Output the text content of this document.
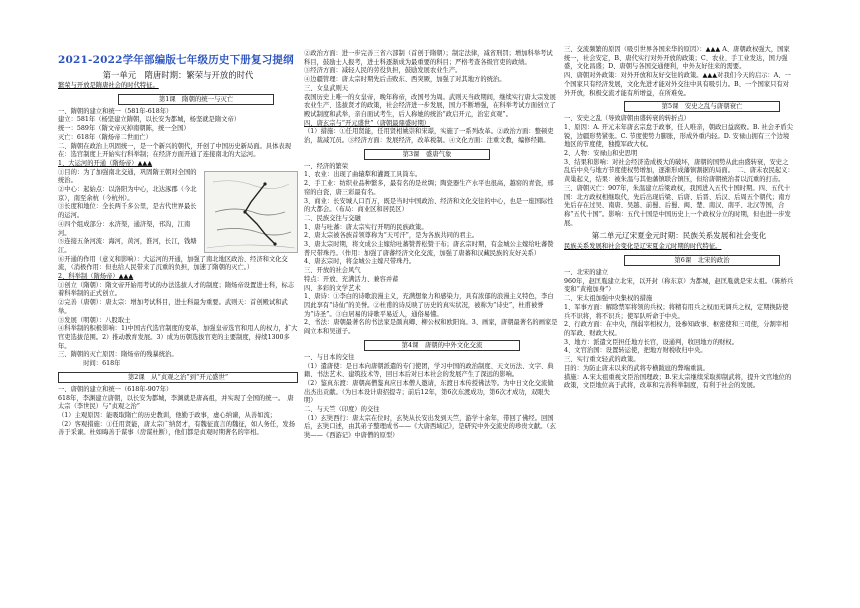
2021-2022学年部编版七年级历史下册复习提纲
第一单元　隋唐时期：繁荣与开放的时代

繁荣与开放是隋唐社会的时代特征。

第1课　隋朝的统一与灭亡

一、隋朝的建立和统一（581年-618年）

建立：581年（杨坚建立隋朝，以长安为都城，杨坚就是隋文帝）

统一：589年（隋文帝灭掉南朝陈，统一全国）

灭亡：618年（隋炀帝二世而亡）

二、隋朝在政治上巩固统一，是一个新兴的朝代，开创了中国历史新局面。具体表现在：选官制度上开始实行科举制；在经济方面开通了连接南北的大运河。

1、大运河的开通（隋炀帝）▲▲▲

①目的：为了加强南北交通，巩固隋王朝对全国的统治。

②中心：起始点：以洛阳为中心，北达涿郡（今北京），南至余杭（今杭州）。

③长度和地位：全长两千多公里，是古代世界最长的运河。

④四个组成部分：永济渠，通济渠，邗沟，江南河。

⑤连接五条河流：海河，黄河，淮河，长江，钱塘江。

⑥开通的作用（意义和影响）：大运河的开通，加强了南北地区政治、经济和文化交流，（消极作用：但也给人民带来了沉重的负担，加速了隋朝的灭亡。）

2、科举制（隋炀帝）▲▲▲

①创立（隋朝）：隋文帝开始用考试的办法选拔人才的制度；隋炀帝设置进士科，标志着科举制的正式创立。

②完善（唐朝）：唐太宗：增加考试科目，进士科最为重要。武则天：首创殿试和武举。

③发展（明朝）：八股取士

④科举制的积极影响：1)中国古代选官制度的变革，加强皇帝选官和用人的权力，扩大官吏选拔范围。2）推动教育发展。3）成为历朝选拔官吏的主要制度，持续1300多年。

三、隋朝的灭亡原因：隋炀帝的残暴统治。

　　　　时间：618年

第2课　从“贞观之治”到“开元盛世”

一、唐朝的建立和统一（618年-907年）

618年，李渊建立唐朝，以长安为都城，李渊就是唐高祖，并实现了全国的统一。　唐太宗（李世民）与“贞观之治”

（1）主观原因：能吸取隋亡的历史教训，他勤于政事，虚心纳谏，从善如流；

（2）客观措施：①任用贤能，唐太宗广纳贤才，有魏征直言的魏征，如人务任，发扬善于采谏。杜如晦善于谋事（房谋杜断），他们都是贞观时期著名的宰相。

②政治方面：进一步完善三省六部制（首创于隋朝）；制定法律，减省刑罚；增加科举考试科目，鼓励士人报考，进士科逐渐成为最重要的科目；严格考查各级官吏的政绩。

③经济方面：减轻人民的劳役负担，鼓励发展农业生产。

④边疆管理：唐太宗时期先后击败东、西突厥，加强了对其地方的统治。

三、女皇武则天

我国历史上唯一的女皇帝，晚年称帝，改国号为周。武则天当政期间，继续实行唐太宗发展农业生产、选拔贤才的政策，社会经济进一步发展，国力不断增强，在科举考试方面创立了殿试制度和武举，亲自面试考生，后人称她的统治“政启开元，治宏贞观”。

四、唐玄宗与“开元盛世”（唐朝最鼎盛时期）

（1）措施：①任用贤能，任用贤相姚崇和宋璟，实施了一系列改革。②政治方面：整顿吏治，裁减冗员。③经济方面：发展经济，改革税制。④文化方面：注重文教，编修经籍。

第3课　盛唐气象

一、经济的繁荣

1、农业：出现了曲辕犁和灌溉工具筒车。

2、手工业：纺织业品种繁多，最有名的是丝绸；陶瓷器生产水平也很高，越窑的青瓷，邢窑的白瓷，唐三彩最有名。

3、商业：长安城人口百万，既是当时中国政治、经济和文化交往的中心，也是一座国际性的大都会。（布局：商业区和居民区）

二、民族交往与交融

1、唐与吐蕃：唐太宗实行开明的民族政策。

2、唐太宗被各族首领尊称为“天可汗”，是为各族共同的君主。

3、唐太宗时期，将文成公主嫁给吐蕃赞普松赞干布；唐玄宗时期，有金城公主嫁给吐蕃赞普尺带珠丹。（作用：加强了唐蕃经济文化交流，加强了唐蕃和汉藏民族的友好关系）

4、唐玄宗时，将金城公主嫁尺带珠丹。

三、开放的社会风气

特点：开放、充满活力、兼容并蓄

四、多彩的文学艺术

1、唐诗：①李白的诗歌浪漫主义，充满想象力和感染力，具有浓郁的浪漫主义特色，李白因此享有“诗仙”的美誉。②杜甫的诗反映了历史的真实状况，被称为“诗史”，杜甫被誉为“诗圣”。③白居易的诗歌平易近人，通俗易懂。

2、书法：唐朝最著名的书法家是颜真卿、柳公权和欧阳询。3、画家，唐朝最著名的画家是阎立本和吴道子。

第4课　唐朝的中外文化交流

一、与日本的交往

（1）遣唐使：是日本向唐朝派遣的专门使团，学习中国的政治制度、天文历法、文字、典籍、书法艺术、建筑技术等，回日本后对日本社会的发展产生了深远的影响。

（2）鉴真东渡：唐朝高僧鉴真应日本僧人邀请，东渡日本传授佛法等。为中日文化交流做出杰出贡献。（为日本设计唐招提寺；前后12年，第6次东渡成功，第6次才成功，双眼失明）

二、与天竺（印度）的交往

（1）玄奘西行：唐太宗在位时，玄奘从长安出发到天竺，游学十余年，带回了佛经。回国后，玄奘口述，由其弟子整理成书——《大唐西域记》，是研究中外交流史的珍贵文献。（玄奘——《西游记》中唐僧的原型）

三、交流频繁的原因（吸引世界各国来华的原因）：▲▲▲ A、唐朝政权强大，国家统一，社会安定，B、唐代实行对外开放的政策；C、农业、手工业发达，国力强盛，文化昌盛；D、唐朝与各国交通便利，中外友好往来的需要。

四、唐朝对外政策：对外开放和友好交往的政策。▲▲▲对我们今天的启示：A、一个国家只有经济发展，文化先进才能对外交往中具有吸引力。B、一个国家只有对外开放，积极交流才能有所增益，在所难免。

第5课　安史之乱与唐朝衰亡

一、安史之乱（导致唐朝由盛转衰的转折点）

1、原因：A. 开元末年唐玄宗怠于政事，任人唯亲，朝政日益腐败。B. 社会矛盾尖锐，边疆形势紧张。C. 节度使势力膨胀，形成外重内轻。D. 安禄山拥有三个边境地区的节度使，独揽军政大权。

2、人物：安禄山和史思明

3、结果和影响：对社会经济造成极大的破坏，唐朝的国势从此由盛转衰，安史之乱后中央与地方节度使权势增加，逐渐形成藩镇割据的局面。　二、唐末农民起义：黄巢起义，结果：被朱温与其他藩镇联合镇压，但给唐朝统治者以沉重的打击。

三、唐朝灭亡：907年，朱温建立后梁政权，我国进入五代十国时期。四、五代十国：北方政权相继取代，先后出现后梁、后唐、后晋、后汉、后周五个朝代；南方先后存在过吴、南唐、吴越、前蜀、后蜀、闽、楚、南汉、南平、北汉等国，合称“五代十国”。影响：五代十国是中国历史上一个政权分立的时期，但也进一步发展。

第二单元辽宋夏金元时期：民族关系发展和社会变化

民族关系发展和社会变化是辽宋夏金元时期的时代特征。

第6课　北宋的政治

一、北宋的建立

960年，赵匡胤建立北宋，以开封（称东京）为都城，赵匡胤就是宋太祖。（陈桥兵变和“黄袍加身”）

二、宋太祖加强中央集权的措施

1、军事方面：解除禁军将领的兵权；将精有用兵之权而无调兵之权，定期换防使兵不识将，将不识兵；使军队听命于中央。

2、行政方面：在中央，削弱宰相权力，设参知政事、枢密使和三司使，分割宰相的军政、财政大权。

3、地方：派遣文臣担任地方长官，设通判，收回地方的财权。

4、文官治国：设置转运使，把地方财税收归中央。

三、实行重文轻武的政策。

目的：为防止唐末以来的武将专横跋扈的弊端重演。

措施：A.宋太祖重视文臣治国理政；B.宋太宗继续采取抑制武将，提升文官地位的政策，文臣地位高于武将，改革和完善科举制度，有利于社会的发展。
